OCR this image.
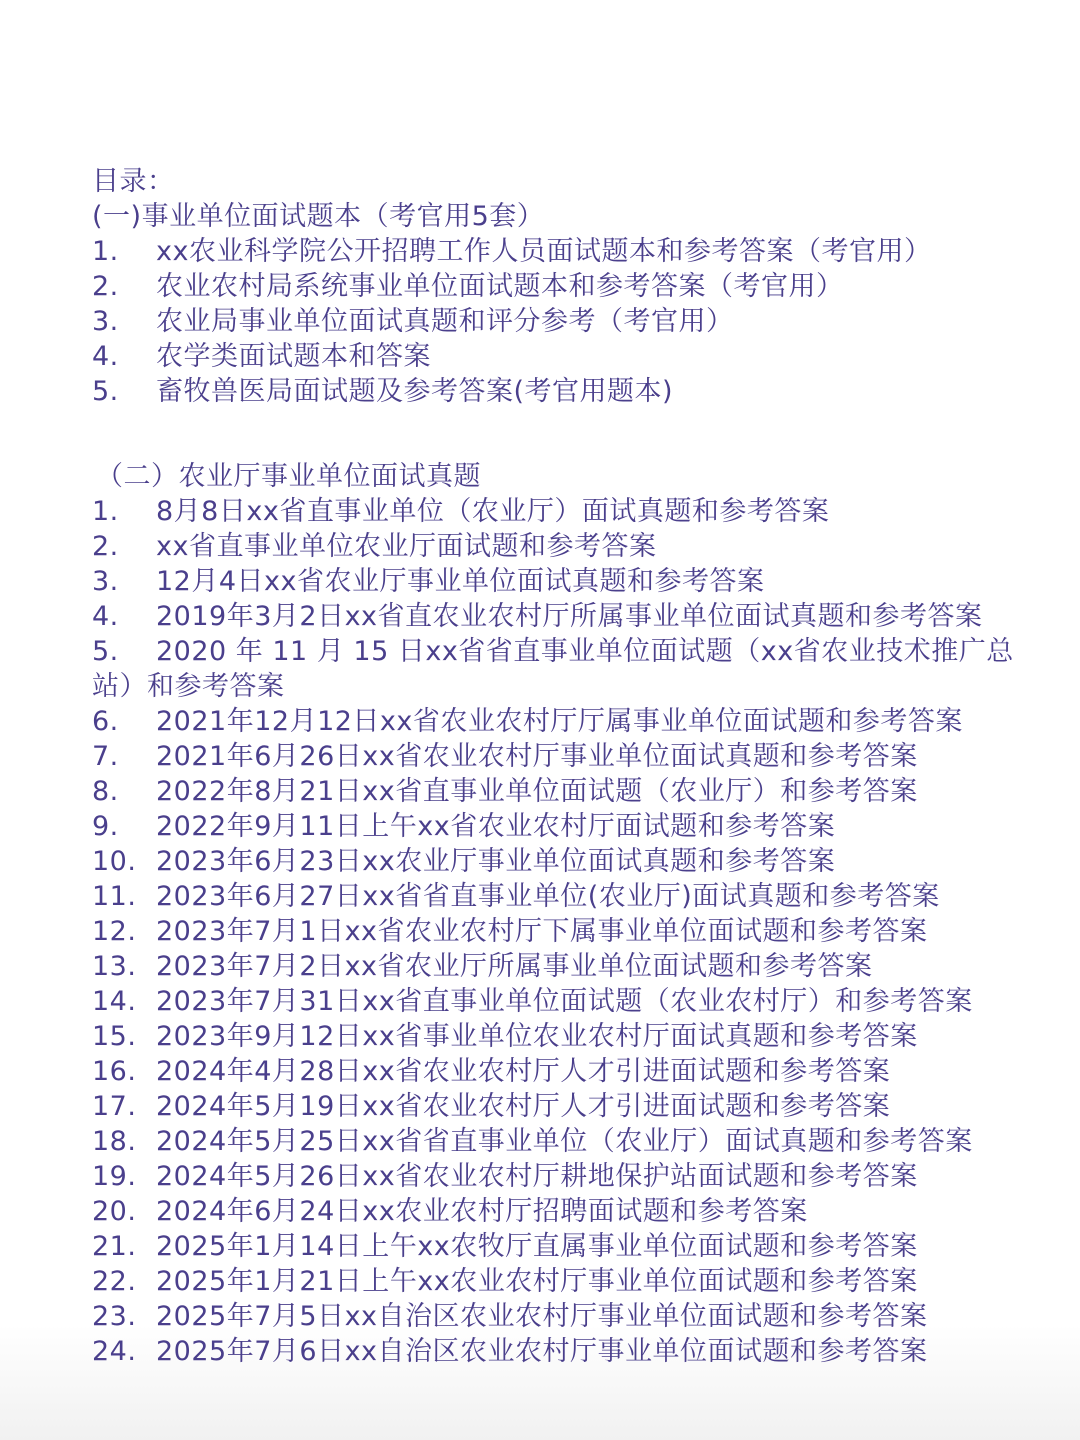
目录：
(一)事业单位面试题本（考官用5套）
1.	xx农业科学院公开招聘工作人员面试题本和参考答案（考官用）
2.	农业农村局系统事业单位面试题本和参考答案（考官用）
3.	农业局事业单位面试真题和评分参考（考官用）
4.	农学类面试题本和答案
5.	畜牧兽医局面试题及参考答案(考官用题本)
（二）农业厅事业单位面试真题
1.	8月8日xx省直事业单位（农业厅）面试真题和参考答案
2.	xx省直事业单位农业厅面试题和参考答案
3.	12月4日xx省农业厅事业单位面试真题和参考答案
4.	2019年3月2日xx省直农业农村厅所属事业单位面试真题和参考答案
5.	2020 年 11 月 15 日xx省省直事业单位面试题（xx省农业技术推广总
站）和参考答案
6.	2021年12月12日xx省农业农村厅厅属事业单位面试题和参考答案
7.	2021年6月26日xx省农业农村厅事业单位面试真题和参考答案
8.	2022年8月21日xx省直事业单位面试题（农业厅）和参考答案
9.	2022年9月11日上午xx省农业农村厅面试题和参考答案
10. 2023年6月23日xx农业厅事业单位面试真题和参考答案
11. 2023年6月27日xx省省直事业单位(农业厅)面试真题和参考答案
12. 2023年7月1日xx省农业农村厅下属事业单位面试题和参考答案
13. 2023年7月2日xx省农业厅所属事业单位面试题和参考答案
14. 2023年7月31日xx省直事业单位面试题（农业农村厅）和参考答案
15. 2023年9月12日xx省事业单位农业农村厅面试真题和参考答案
16. 2024年4月28日xx省农业农村厅人才引进面试题和参考答案
17. 2024年5月19日xx省农业农村厅人才引进面试题和参考答案
18. 2024年5月25日xx省省直事业单位（农业厅）面试真题和参考答案
19. 2024年5月26日xx省农业农村厅耕地保护站面试题和参考答案
20. 2024年6月24日xx农业农村厅招聘面试题和参考答案
21. 2025年1月14日上午xx农牧厅直属事业单位面试题和参考答案
22. 2025年1月21日上午xx农业农村厅事业单位面试题和参考答案
23. 2025年7月5日xx自治区农业农村厅事业单位面试题和参考答案
24. 2025年7月6日xx自治区农业农村厅事业单位面试题和参考答案
